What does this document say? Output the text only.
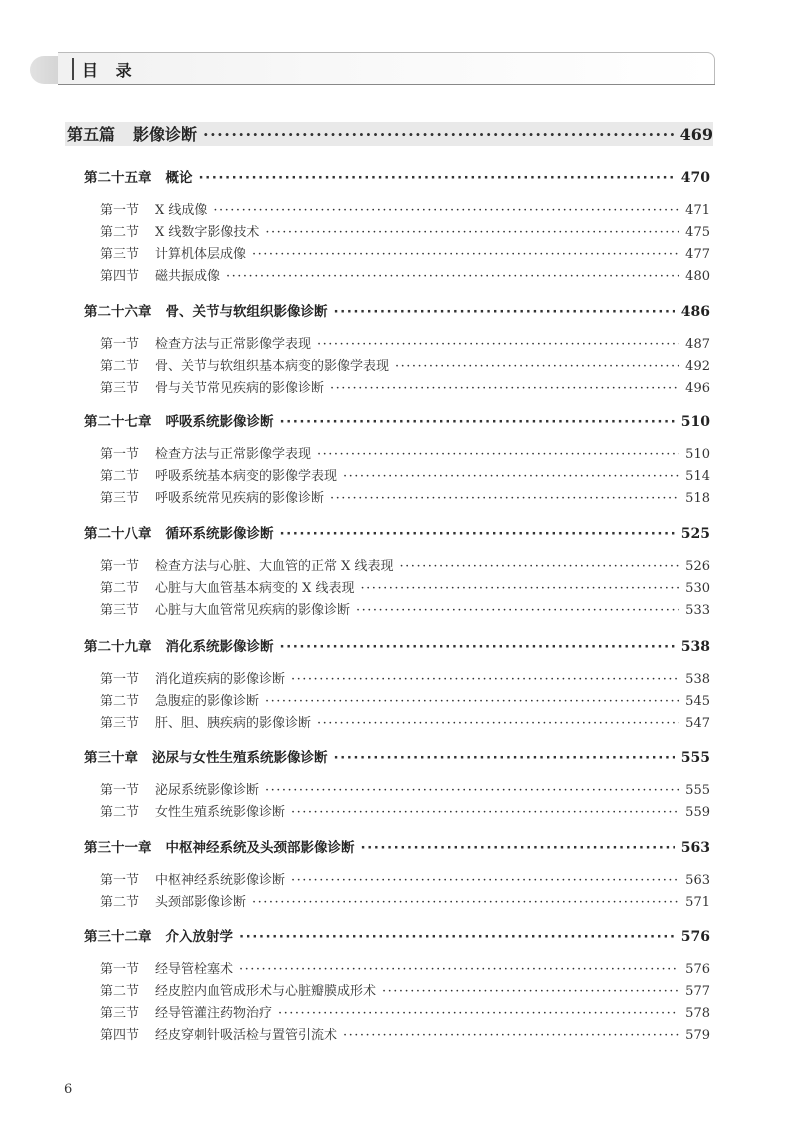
目 录
第五篇 影像诊断 ·····	469
第二十五章 概论 ·····	470
第一节 X 线成像 ·····	471
第二节 X 线数字影像技术 ·····	475
第三节 计算机体层成像 ·····	477
第四节 磁共振成像 ·····	480
第二十六章 骨、关节与软组织影像诊断 ·····	486
第一节 检查方法与正常影像学表现 ·····	487
第二节 骨、关节与软组织基本病变的影像学表现 ·····	492
第三节 骨与关节常见疾病的影像诊断 ·····	496
第二十七章 呼吸系统影像诊断 ·····	510
第一节 检查方法与正常影像学表现 ·····	510
第二节 呼吸系统基本病变的影像学表现 ·····	514
第三节 呼吸系统常见疾病的影像诊断 ·····	518
第二十八章 循环系统影像诊断 ·····	525
第一节 检查方法与心脏、大血管的正常 X 线表现 ·····	526
第二节 心脏与大血管基本病变的 X 线表现 ·····	530
第三节 心脏与大血管常见疾病的影像诊断 ·····	533
第二十九章 消化系统影像诊断 ·····	538
第一节 消化道疾病的影像诊断 ·····	538
第二节 急腹症的影像诊断 ·····	545
第三节 肝、胆、胰疾病的影像诊断 ·····	547
第三十章 泌尿与女性生殖系统影像诊断 ·····	555
第一节 泌尿系统影像诊断 ·····	555
第二节 女性生殖系统影像诊断 ·····	559
第三十一章 中枢神经系统及头颈部影像诊断 ·····	563
第一节 中枢神经系统影像诊断 ·····	563
第二节 头颈部影像诊断 ·····	571
第三十二章 介入放射学 ·····	576
第一节 经导管栓塞术 ·····	576
第二节 经皮腔内血管成形术与心脏瓣膜成形术 ·····	577
第三节 经导管灌注药物治疗 ·····	578
第四节 经皮穿刺针吸活检与置管引流术 ·····	579
6
